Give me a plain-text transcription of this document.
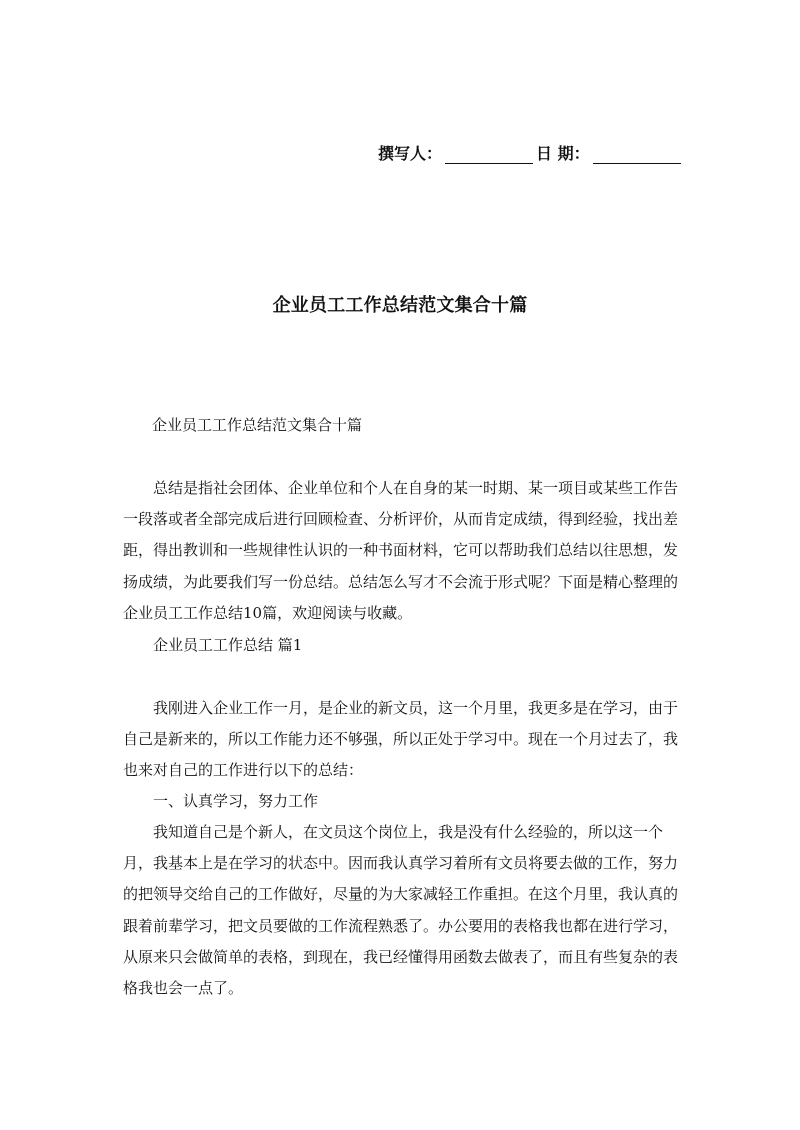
撰写人：	日 期：
企业员工工作总结范文集合十篇
企业员工工作总结范文集合十篇

总结是指社会团体、企业单位和个人在自身的某一时期、某一项目或某些工作告一段落或者全部完成后进行回顾检查、分析评价，从而肯定成绩，得到经验，找出差距，得出教训和一些规律性认识的一种书面材料，它可以帮助我们总结以往思想，发扬成绩，为此要我们写一份总结。总结怎么写才不会流于形式呢？下面是精心整理的企业员工工作总结10篇，欢迎阅读与收藏。

企业员工工作总结 篇1

我刚进入企业工作一月，是企业的新文员，这一个月里，我更多是在学习，由于自己是新来的，所以工作能力还不够强，所以正处于学习中。现在一个月过去了，我也来对自己的工作进行以下的总结：

一、认真学习，努力工作

我知道自己是个新人，在文员这个岗位上，我是没有什么经验的，所以这一个月，我基本上是在学习的状态中。因而我认真学习着所有文员将要去做的工作，努力的把领导交给自己的工作做好，尽量的为大家减轻工作重担。在这个月里，我认真的跟着前辈学习，把文员要做的工作流程熟悉了。办公要用的表格我也都在进行学习，从原来只会做简单的表格，到现在，我已经懂得用函数去做表了，而且有些复杂的表格我也会一点了。
